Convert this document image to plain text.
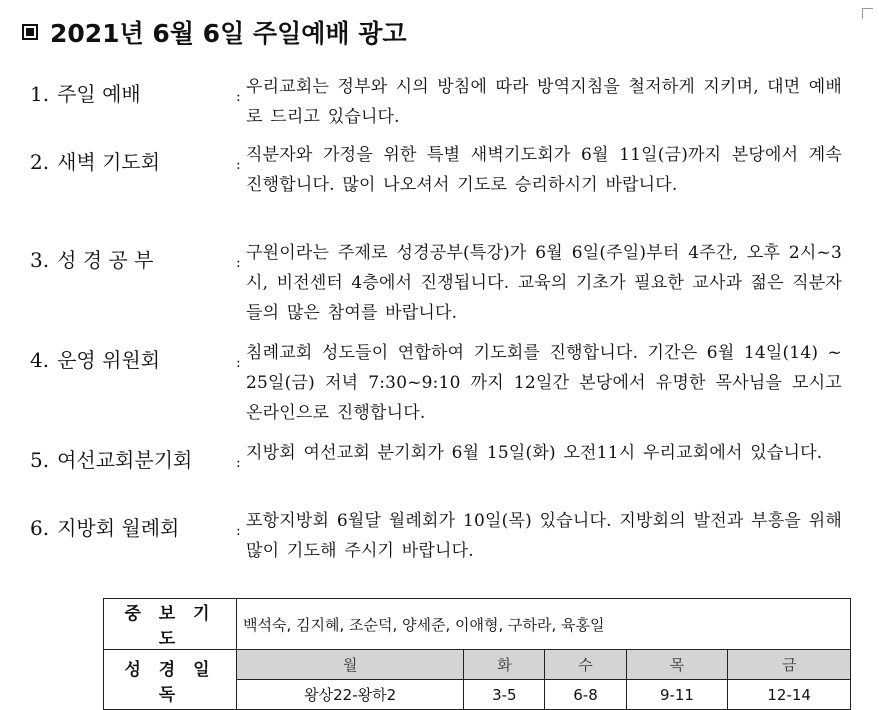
2021년 6월 6일 주일예배 광고
1. 주일 예배	: 우리교회는 정부와 시의 방침에 따라 방역지침을 철저하게 지키며, 대면 예배로 드리고 있습니다.
2. 새벽 기도회	: 직분자와 가정을 위한 특별 새벽기도회가 6월 11일(금)까지 본당에서 계속 진행합니다. 많이 나오셔서 기도로 승리하시기 바랍니다.
3. 성 경 공 부	: 구원이라는 주제로 성경공부(특강)가 6월 6일(주일)부터 4주간, 오후 2시~3시, 비전센터 4층에서 진쟁됩니다. 교육의 기초가 필요한 교사과 젊은 직분자들의 많은 참여를 바랍니다.
4. 운영 위원회	: 침례교회 성도들이 연합하여 기도회를 진행합니다. 기간은 6월 14일(14) ~ 25일(금) 저녁 7:30~9:10 까지 12일간 본당에서 유명한 목사님을 모시고 온라인으로 진행합니다.
5. 여선교회분기회	: 지방회 여선교회 분기회가 6월 15일(화) 오전11시 우리교회에서 있습니다.
6. 지방회 월례회	: 포항지방회 6월달 월례회가 10일(목) 있습니다. 지방회의 발전과 부흥을 위해 많이 기도해 주시기 바랍니다.
중 보 기 도	백석숙, 김지혜, 조순덕, 양세준, 이애형, 구하라, 육홍일				
성 경 일 독	월	화	수	목	금
	왕상22-왕하2	3-5	6-8	9-11	12-14
